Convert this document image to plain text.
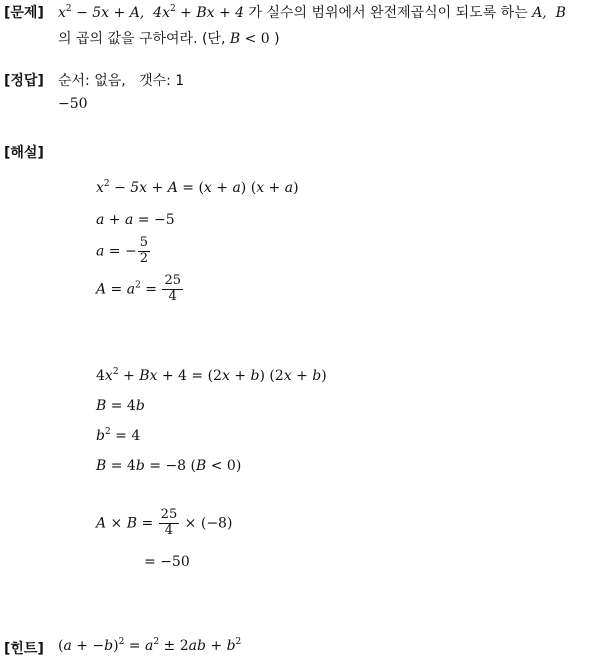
[문제] $x^2 - 5x + A$,  $4x^2 + Bx + 4$ 가 실수의 범위에서 완전제곱식이 되도록 하는 A,  B
의 곱의 값을 구하여라. (단, B < 0 )
[정답] 순서: 없음, 갯수: 1
−50
[해설]
$x^2 - 5x + A = (x + a) (x + a)$
a + a = −5
a = − $\frac{5}{2}$
$A = a^2 = \frac{25}{4}$
$4x^2 + Bx + 4 = (2x + b) (2x + b)$
B = 4b
$b^2 = 4$
B = 4b = −8 (B < 0)
$A \times B = \frac{25}{4} \times (-8)$
= −50
[힌트] $(a + -b)^2 = a^2 \pm 2ab + b^2$
